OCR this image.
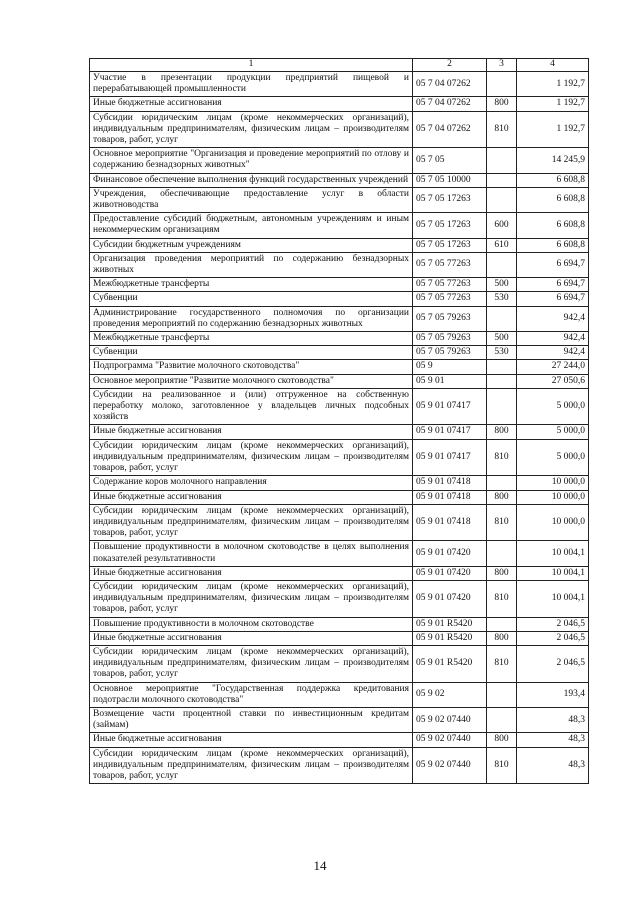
1	2	3	4
Участие в презентации продукции предприятий пищевой и перерабатывающей промышленности	05 7 04 07262		1 192,7
Иные бюджетные ассигнования	05 7 04 07262	800	1 192,7
Субсидии юридическим лицам (кроме некоммерческих организаций), индивидуальным предпринимателям, физическим лицам – производителям товаров, работ, услуг	05 7 04 07262	810	1 192,7
Основное мероприятие "Организация и проведение мероприятий по отлову и содержанию безнадзорных животных"	05 7 05		14 245,9
Финансовое обеспечение выполнения функций государственных учреждений	05 7 05 10000		6 608,8
Учреждения, обеспечивающие предоставление услуг в области животноводства	05 7 05 17263		6 608,8
Предоставление субсидий бюджетным, автономным учреждениям и иным некоммерческим организациям	05 7 05 17263	600	6 608,8
Субсидии бюджетным учреждениям	05 7 05 17263	610	6 608,8
Организация проведения мероприятий по содержанию безнадзорных животных	05 7 05 77263		6 694,7
Межбюджетные трансферты	05 7 05 77263	500	6 694,7
Субвенции	05 7 05 77263	530	6 694,7
Администрирование государственного полномочия по организации проведения мероприятий по содержанию безнадзорных животных	05 7 05 79263		942,4
Межбюджетные трансферты	05 7 05 79263	500	942,4
Субвенции	05 7 05 79263	530	942,4
Подпрограмма "Развитие молочного скотоводства"	05 9		27 244,0
Основное мероприятие "Развитие молочного скотоводства"	05 9 01		27 050,6
Субсидии на реализованное и (или) отгруженное на собственную переработку молоко, заготовленное у владельцев личных подсобных хозяйств	05 9 01 07417		5 000,0
Иные бюджетные ассигнования	05 9 01 07417	800	5 000,0
Субсидии юридическим лицам (кроме некоммерческих организаций), индивидуальным предпринимателям, физическим лицам – производителям товаров, работ, услуг	05 9 01 07417	810	5 000,0
Содержание коров молочного направления	05 9 01 07418		10 000,0
Иные бюджетные ассигнования	05 9 01 07418	800	10 000,0
Субсидии юридическим лицам (кроме некоммерческих организаций), индивидуальным предпринимателям, физическим лицам – производителям товаров, работ, услуг	05 9 01 07418	810	10 000,0
Повышение продуктивности в молочном скотоводстве в целях выполнения показателей результативности	05 9 01 07420		10 004,1
Иные бюджетные ассигнования	05 9 01 07420	800	10 004,1
Субсидии юридическим лицам (кроме некоммерческих организаций), индивидуальным предпринимателям, физическим лицам – производителям товаров, работ, услуг	05 9 01 07420	810	10 004,1
Повышение продуктивности в молочном скотоводстве	05 9 01 R5420		2 046,5
Иные бюджетные ассигнования	05 9 01 R5420	800	2 046,5
Субсидии юридическим лицам (кроме некоммерческих организаций), индивидуальным предпринимателям, физическим лицам – производителям товаров, работ, услуг	05 9 01 R5420	810	2 046,5
Основное мероприятие "Государственная поддержка кредитования подотрасли молочного скотоводства"	05 9 02		193,4
Возмещение части процентной ставки по инвестиционным кредитам (займам)	05 9 02 07440		48,3
Иные бюджетные ассигнования	05 9 02 07440	800	48,3
Субсидии юридическим лицам (кроме некоммерческих организаций), индивидуальным предпринимателям, физическим лицам – производителям товаров, работ, услуг	05 9 02 07440	810	48,3
14
